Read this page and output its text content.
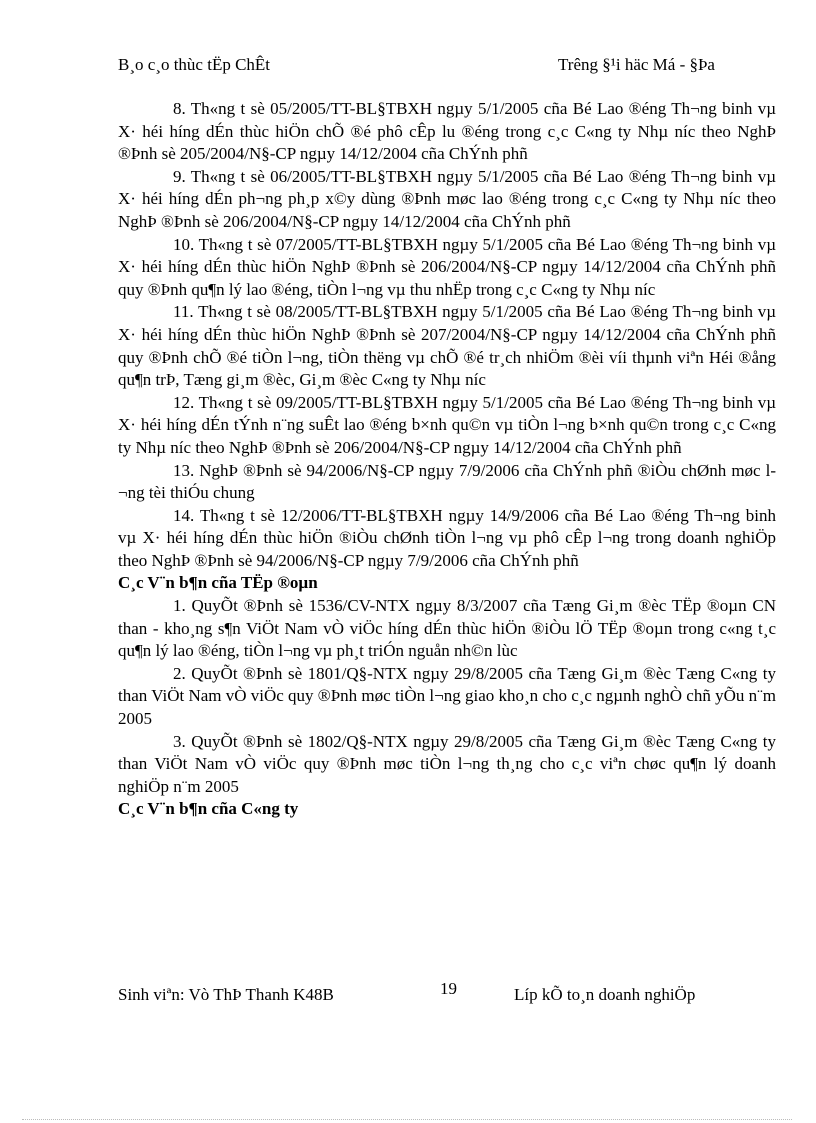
B¸o c¸o thùc tËp ChÊt	Trêng §¹i häc Má - §Þa

8. Th«ng t sè 05/2005/TT-BL§TBXH ngµy 5/1/2005 cña Bé Lao ®éng Th¬ng binh vµ X· héi híng dÉn thùc hiÖn chÕ ®é phô cÊp lu ®éng trong c¸c C«ng ty Nhµ níc theo NghÞ ®Þnh sè 205/2004/N§-CP ngµy 14/12/2004 cña ChÝnh phñ

9. Th«ng t sè 06/2005/TT-BL§TBXH ngµy 5/1/2005 cña Bé Lao ®éng Th¬ng binh vµ X· héi híng dÉn ph¬ng ph¸p x©y dùng ®Þnh møc lao ®éng trong c¸c C«ng ty Nhµ níc theo NghÞ ®Þnh sè 206/2004/N§-CP ngµy 14/12/2004 cña ChÝnh phñ

10. Th«ng t sè 07/2005/TT-BL§TBXH ngµy 5/1/2005 cña Bé Lao ®éng Th¬ng binh vµ X· héi híng dÉn thùc hiÖn NghÞ ®Þnh sè 206/2004/N§-CP ngµy 14/12/2004 cña ChÝnh phñ quy ®Þnh qu¶n lý lao ®éng, tiÒn l¬ng vµ thu nhËp trong c¸c C«ng ty Nhµ níc

11. Th«ng t sè 08/2005/TT-BL§TBXH ngµy 5/1/2005 cña Bé Lao ®éng Th¬ng binh vµ X· héi híng dÉn thùc hiÖn NghÞ ®Þnh sè 207/2004/N§-CP ngµy 14/12/2004 cña ChÝnh phñ quy ®Þnh chÕ ®é tiÒn l¬ng, tiÒn thëng vµ chÕ ®é tr¸ch nhiÖm ®èi víi thµnh viªn Héi ®ång qu¶n trÞ, Tæng gi¸m ®èc, Gi¸m ®èc C«ng ty Nhµ níc

12. Th«ng t sè 09/2005/TT-BL§TBXH ngµy 5/1/2005 cña Bé Lao ®éng Th¬ng binh vµ X· héi híng dÉn tÝnh n¨ng suÊt lao ®éng b×nh qu©n vµ tiÒn l¬ng b×nh qu©n trong c¸c C«ng ty Nhµ níc theo NghÞ ®Þnh sè 206/2004/N§-CP ngµy 14/12/2004 cña ChÝnh phñ

13. NghÞ ®Þnh sè 94/2006/N§-CP ngµy 7/9/2006 cña ChÝnh phñ ®iÒu chØnh møc l¬ng tèi thiÓu chung

14. Th«ng t sè 12/2006/TT-BL§TBXH ngµy 14/9/2006 cña Bé Lao ®éng Th¬ng binh vµ X· héi híng dÉn thùc hiÖn ®iÒu chØnh tiÒn l¬ng vµ phô cÊp l¬ng trong doanh nghiÖp theo NghÞ ®Þnh sè 94/2006/N§-CP ngµy 7/9/2006 cña ChÝnh phñ

C¸c V¨n b¶n cña TËp ®oµn

1. QuyÕt ®Þnh sè 1536/CV-NTX ngµy 8/3/2007 cña Tæng Gi¸m ®èc TËp ®oµn CN than - kho¸ng s¶n ViÖt Nam vÒ viÖc híng dÉn thùc hiÖn ®iÒu lÖ TËp ®oµn trong c«ng t¸c qu¶n lý lao ®éng, tiÒn l¬ng vµ ph¸t triÓn nguån nh©n lùc

2. QuyÕt ®Þnh sè 1801/Q§-NTX ngµy 29/8/2005 cña Tæng Gi¸m ®èc Tæng C«ng ty than ViÖt Nam vÒ viÖc quy ®Þnh møc tiÒn l¬ng giao kho¸n cho c¸c ngµnh nghÒ chñ yÕu n¨m 2005

3. QuyÕt ®Þnh sè 1802/Q§-NTX ngµy 29/8/2005 cña Tæng Gi¸m ®èc Tæng C«ng ty than ViÖt Nam vÒ viÖc quy ®Þnh møc tiÒn l¬ng th¸ng cho c¸c viªn chøc qu¶n lý doanh nghiÖp n¨m 2005

C¸c V¨n b¶n cña C«ng ty

Sinh viªn: Vò ThÞ Thanh K48B	19	Líp kÕ to¸n doanh nghiÖp
